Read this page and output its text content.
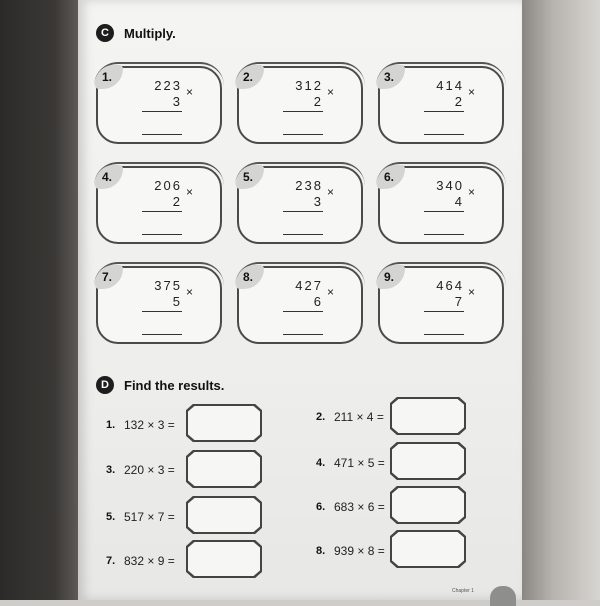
C	Multiply.
1.
223
3
×
2.
312
2
×
3.
414
2
×
4.
206
2
×
5.
238
3
×
6.
340
4
×
7.
375
5
×
8.
427
6
×
9.
464
7
×
D	Find the results.
1. 132 × 3 =
3. 220 × 3 =
5. 517 × 7 =
7. 832 × 9 =
2. 211 × 4 =
4. 471 × 5 =
6. 683 × 6 =
8. 939 × 8 =
Chapter 1
